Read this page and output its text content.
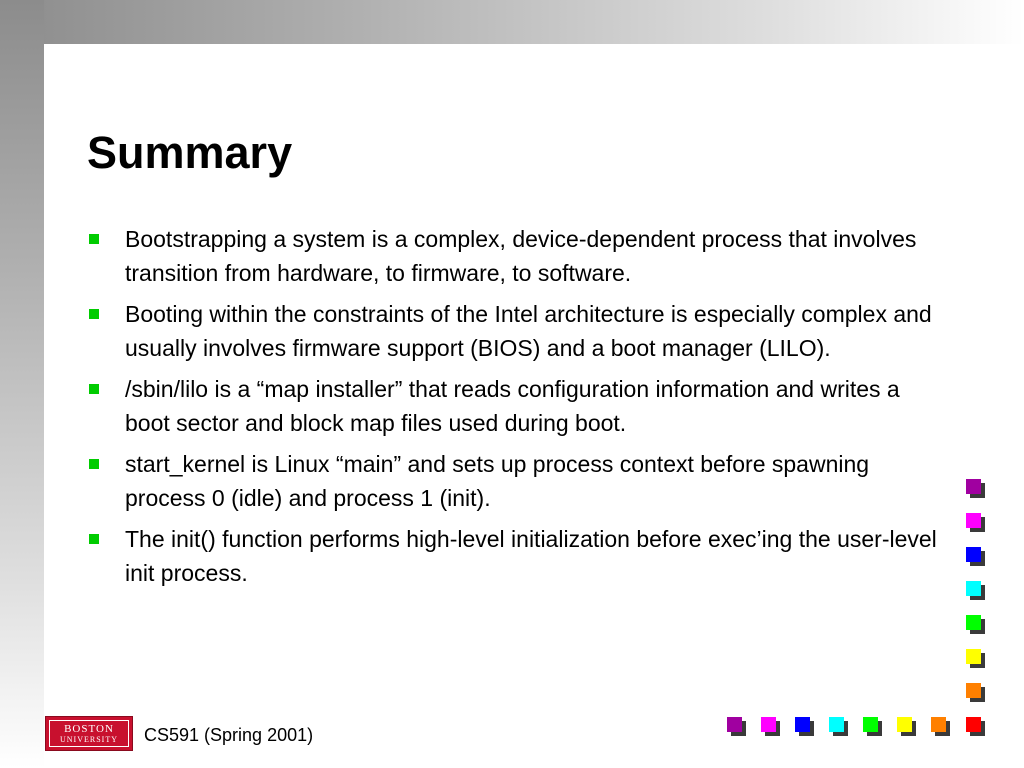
Summary
Bootstrapping a system is a complex, device-dependent process that involves transition from hardware, to firmware, to software.
Booting within the constraints of the Intel architecture is especially complex and usually involves firmware support (BIOS) and a boot manager (LILO).
/sbin/lilo is a “map installer” that reads configuration information and writes a boot sector and block map files used during boot.
start_kernel is Linux “main” and sets up process context before spawning process 0 (idle) and process 1 (init).
The init() function performs high-level initialization before exec’ing the user-level init process.
BOSTON
UNIVERSITY CS591 (Spring 2001)
